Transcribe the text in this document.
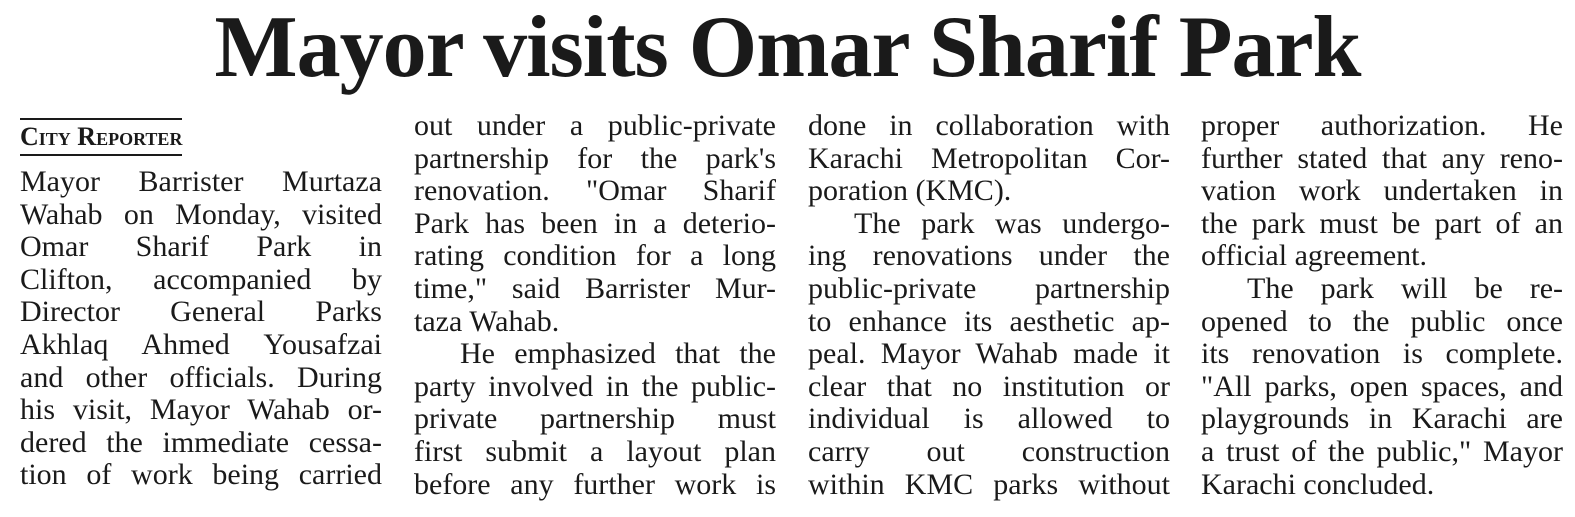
Mayor visits Omar Sharif Park
City Reporter
Mayor Barrister Murtaza
Wahab on Monday, visited
Omar Sharif Park in
Clifton, accompanied by
Director General Parks
Akhlaq Ahmed Yousafzai
and other officials. During
his visit, Mayor Wahab or-
dered the immediate cessa-
tion of work being carried
out under a public-private
partnership for the park's
renovation. "Omar Sharif
Park has been in a deterio-
rating condition for a long
time," said Barrister Mur-
taza Wahab.
He emphasized that the
party involved in the public-
private partnership must
first submit a layout plan
before any further work is
done in collaboration with
Karachi Metropolitan Cor-
poration (KMC).
The park was undergo-
ing renovations under the
public-private partnership
to enhance its aesthetic ap-
peal. Mayor Wahab made it
clear that no institution or
individual is allowed to
carry out construction
within KMC parks without
proper authorization. He
further stated that any reno-
vation work undertaken in
the park must be part of an
official agreement.
The park will be re-
opened to the public once
its renovation is complete.
"All parks, open spaces, and
playgrounds in Karachi are
a trust of the public," Mayor
Karachi concluded.
